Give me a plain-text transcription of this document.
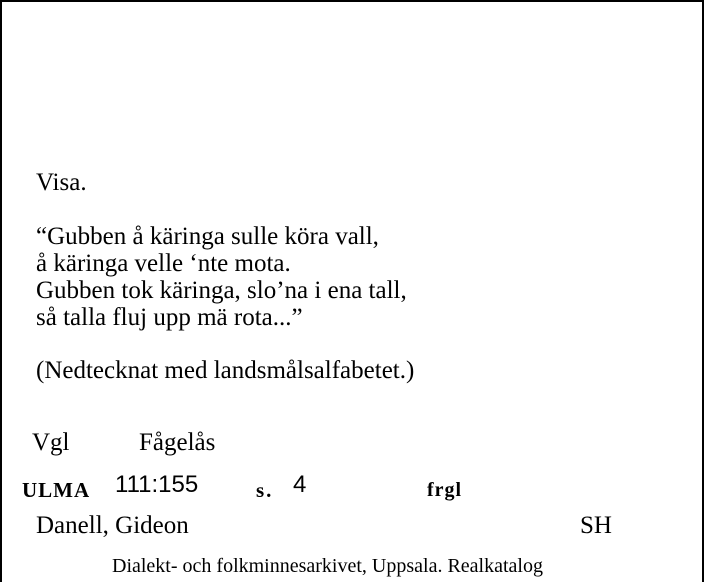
Visa.
“Gubben å käringa sulle köra vall,
å käringa velle ‘nte mota.
Gubben tok käringa, slo’na i ena tall,
så talla fluj upp mä rota...”
(Nedtecknat med landsmålsalfabetet.)
Vgl	Fågelås
ULMA 111:155	s. 4	frgl
Danell, Gideon	SH
Dialekt- och folkminnesarkivet, Uppsala. Realkatalog
